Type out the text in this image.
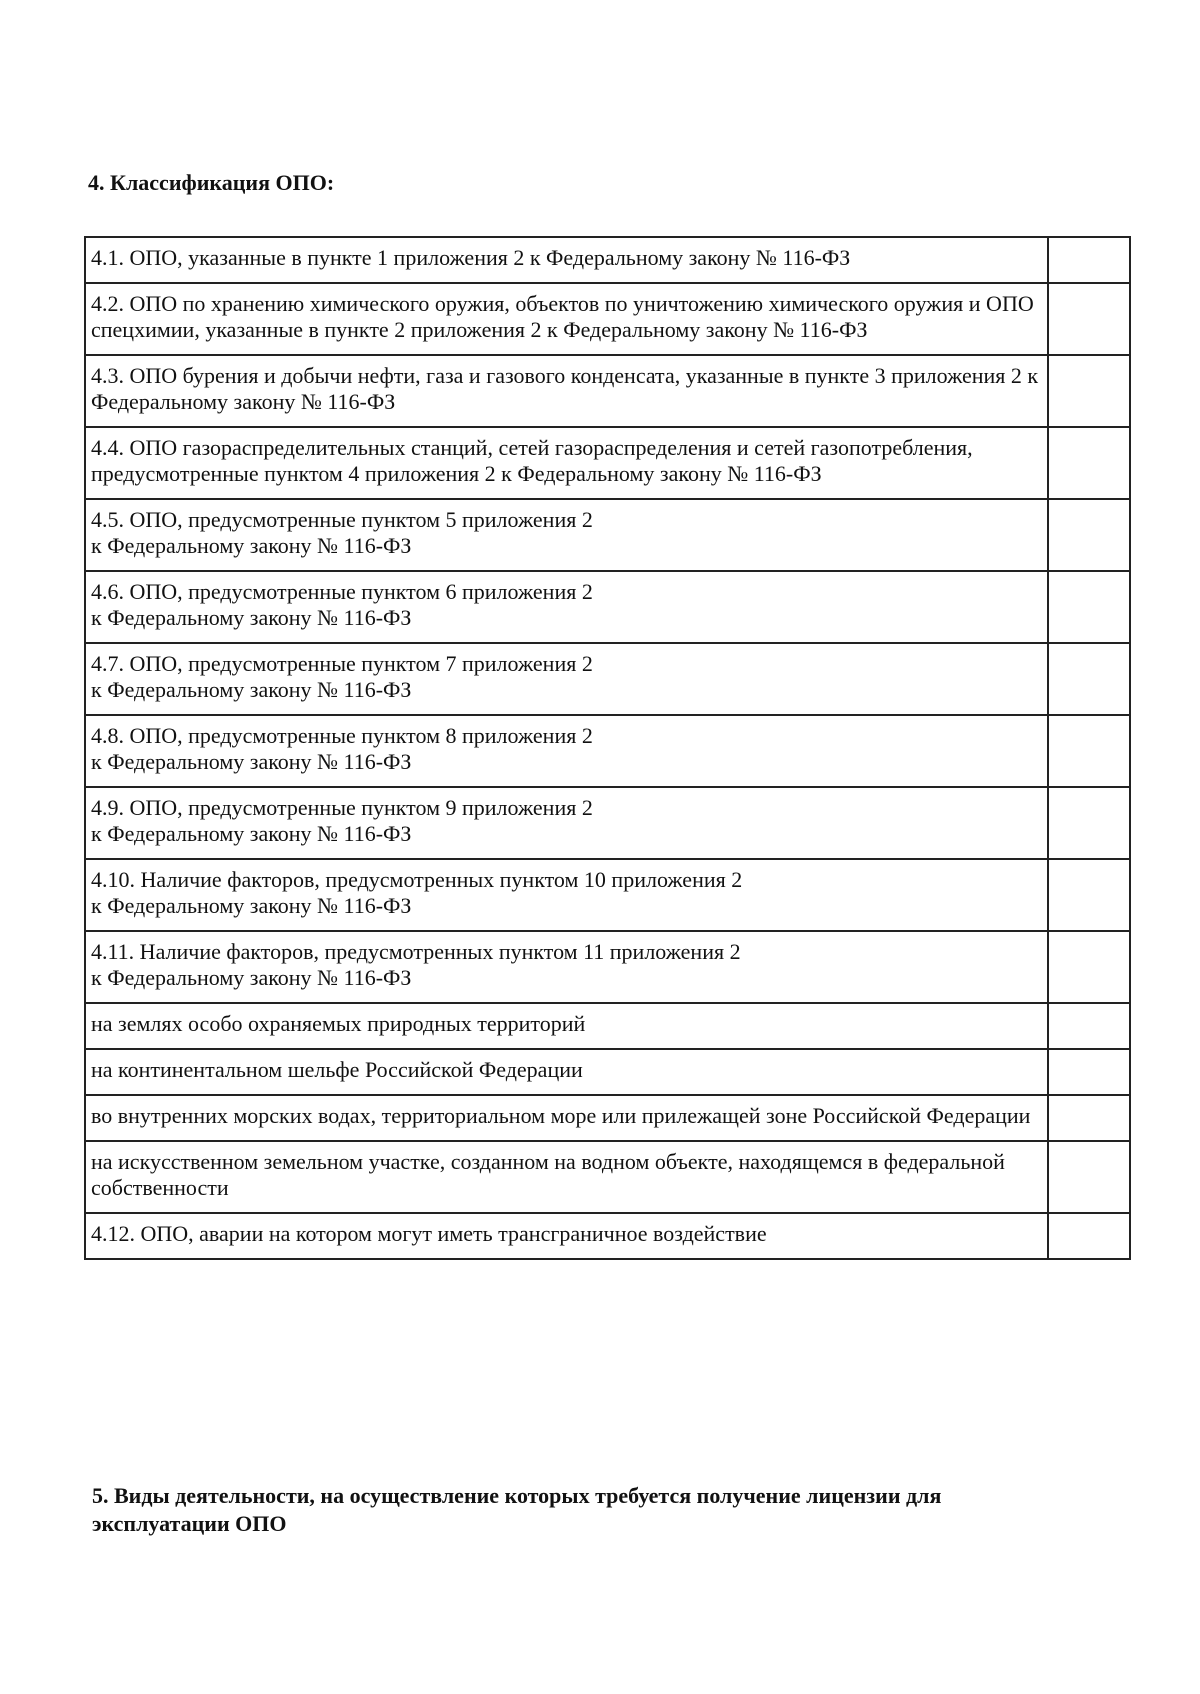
4. Классификация ОПО:
4.1. ОПО, указанные в пункте 1 приложения 2 к Федеральному закону № 116-ФЗ	
4.2. ОПО по хранению химического оружия, объектов по уничтожению химического оружия и ОПО спецхимии, указанные в пункте 2 приложения 2 к Федеральному закону № 116-ФЗ	
4.3. ОПО бурения и добычи нефти, газа и газового конденсата, указанные в пункте 3 приложения 2 к Федеральному закону № 116-ФЗ	
4.4. ОПО газораспределительных станций, сетей газораспределения и сетей газопотребления, предусмотренные пунктом 4 приложения 2 к Федеральному закону № 116-ФЗ	
4.5. ОПО, предусмотренные пунктом 5 приложения 2
к Федеральному закону № 116-ФЗ	
4.6. ОПО, предусмотренные пунктом 6 приложения 2
к Федеральному закону № 116-ФЗ	
4.7. ОПО, предусмотренные пунктом 7 приложения 2
к Федеральному закону № 116-ФЗ	
4.8. ОПО, предусмотренные пунктом 8 приложения 2
к Федеральному закону № 116-ФЗ	
4.9. ОПО, предусмотренные пунктом 9 приложения 2
к Федеральному закону № 116-ФЗ	
4.10. Наличие факторов, предусмотренных пунктом 10 приложения 2
к Федеральному закону № 116-ФЗ	
4.11. Наличие факторов, предусмотренных пунктом 11 приложения 2
к Федеральному закону № 116-ФЗ	
на землях особо охраняемых природных территорий	
на континентальном шельфе Российской Федерации	
во внутренних морских водах, территориальном море или прилежащей зоне Российской Федерации	
на искусственном земельном участке, созданном на водном объекте, находящемся в федеральной собственности	
4.12. ОПО, аварии на котором могут иметь трансграничное воздействие	
5. Виды деятельности, на осуществление которых требуется получение лицензии для эксплуатации ОПО
